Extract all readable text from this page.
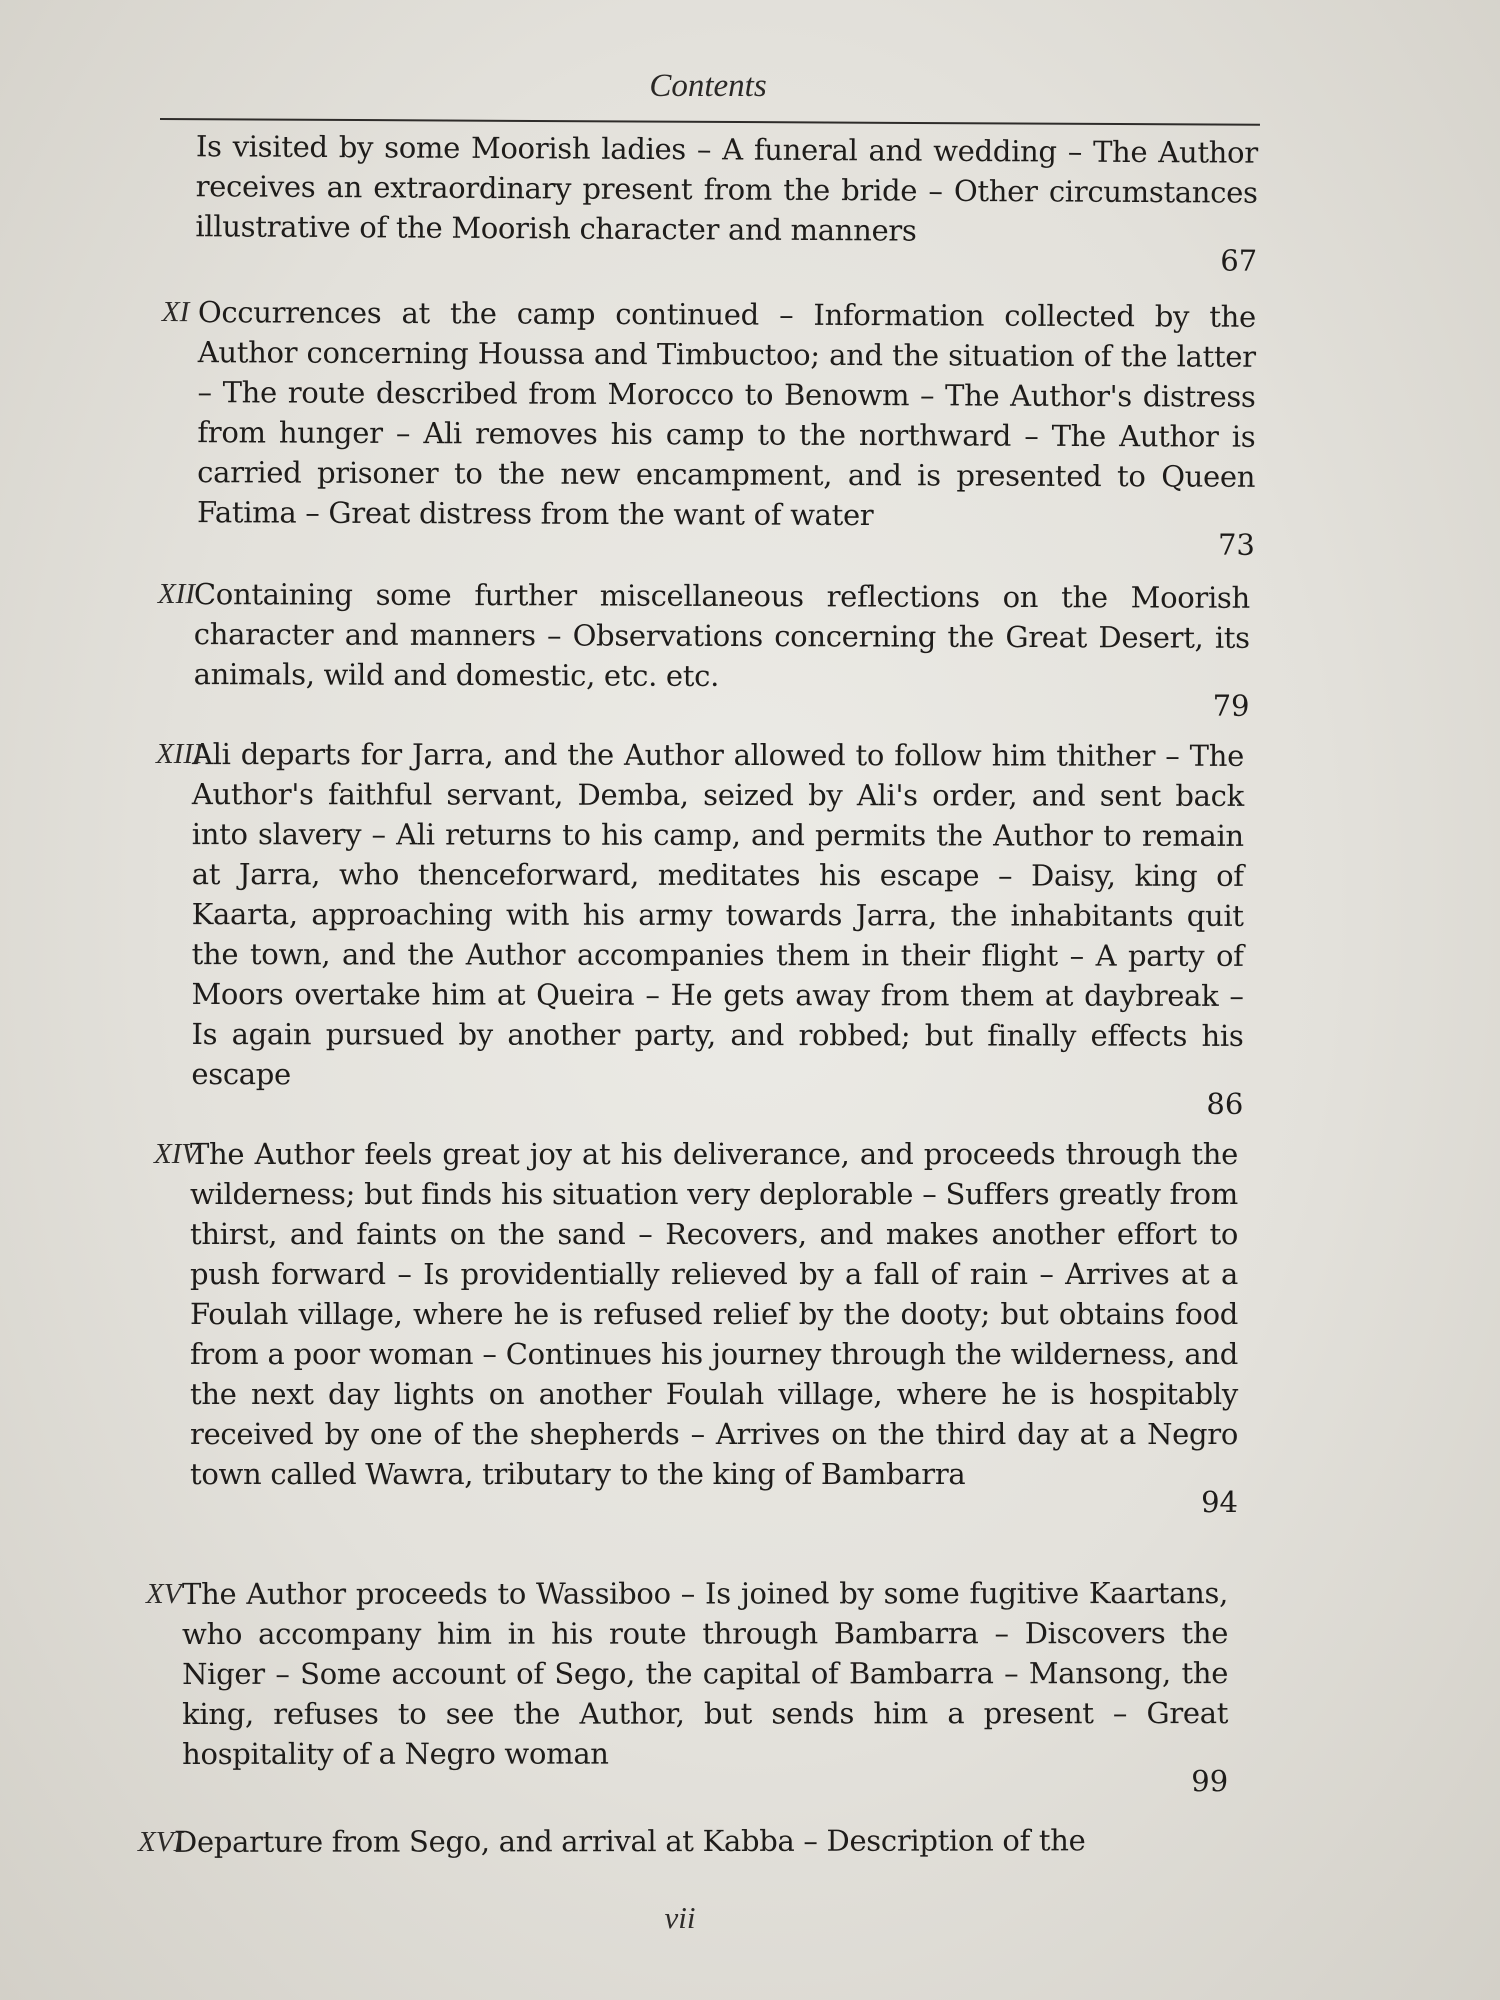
Contents
Is visited by some Moorish ladies – A funeral and wedding – The Author receives an extraordinary present from the bride – Other circumstances illustrative of the Moorish character and manners
67
XI Occurrences at the camp continued – Information collected by the Author concerning Houssa and Timbuctoo; and the situation of the latter – The route described from Morocco to Benowm – The Author's distress from hunger – Ali removes his camp to the northward – The Author is carried prisoner to the new encampment, and is presented to Queen Fatima – Great distress from the want of water
73
XII
Containing some further miscellaneous reflections on the Moorish character and manners – Observations concerning the Great Desert, its animals, wild and domestic, etc. etc.
79
XIII
Ali departs for Jarra, and the Author allowed to follow him thither – The Author's faithful servant, Demba, seized by Ali's order, and sent back into slavery – Ali returns to his camp, and permits the Author to remain at Jarra, who thenceforward, meditates his escape – Daisy, king of Kaarta, approaching with his army towards Jarra, the inhabitants quit the town, and the Author accompanies them in their flight – A party of Moors overtake him at Queira – He gets away from them at daybreak – Is again pursued by another party, and robbed; but finally effects his escape
86
XIV
The Author feels great joy at his deliverance, and proceeds through the wilderness; but finds his situation very deplorable – Suffers greatly from thirst, and faints on the sand – Recovers, and makes another effort to push forward – Is providentially relieved by a fall of rain – Arrives at a Foulah village, where he is refused relief by the dooty; but obtains food from a poor woman – Continues his journey through the wilderness, and the next day lights on another Foulah village, where he is hospitably received by one of the shepherds – Arrives on the third day at a Negro town called Wawra, tributary to the king of Bambarra
94
XV The Author proceeds to Wassiboo – Is joined by some fugitive Kaartans, who accompany him in his route through Bambarra – Discovers the Niger – Some account of Sego, the capital of Bambarra – Mansong, the king, refuses to see the Author, but sends him a present – Great hospitality of a Negro woman
99
XVI
Departure from Sego, and arrival at Kabba – Description of the
vii
